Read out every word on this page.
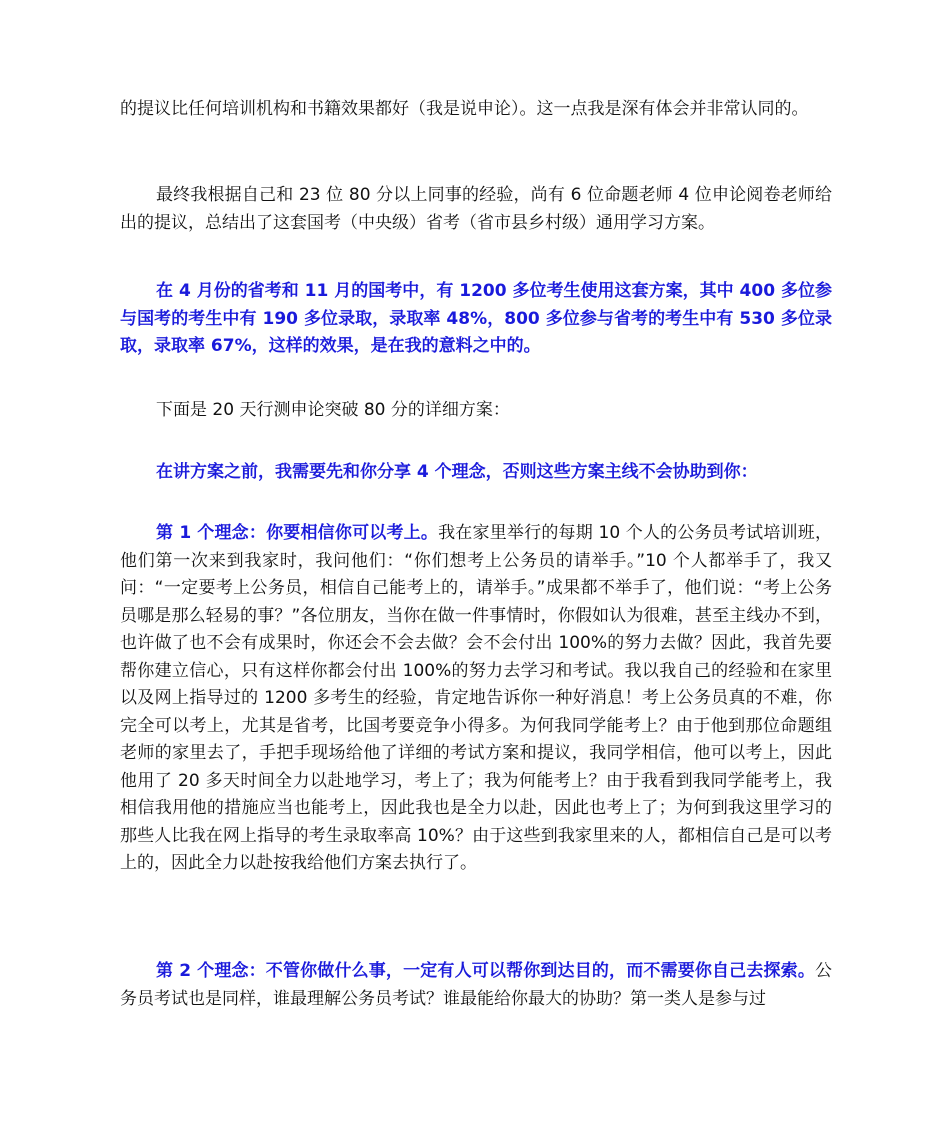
的提议比任何培训机构和书籍效果都好（我是说申论）。这一点我是深有体会并非常认同的。

最终我根据自己和 23 位 80 分以上同事的经验，尚有 6 位命题老师 4 位申论阅卷老师给出的提议，总结出了这套国考（中央级）省考（省市县乡村级）通用学习方案。

在 4 月份的省考和 11 月的国考中，有 1200 多位考生使用这套方案，其中 400 多位参与国考的考生中有 190 多位录取，录取率 48%，800 多位参与省考的考生中有 530 多位录取，录取率 67%，这样的效果，是在我的意料之中的。

下面是 20 天行测申论突破 80 分的详细方案：

在讲方案之前，我需要先和你分享 4 个理念，否则这些方案主线不会协助到你：

第 1 个理念：你要相信你可以考上。我在家里举行的每期 10 个人的公务员考试培训班，他们第一次来到我家时，我问他们：“你们想考上公务员的请举手。”10 个人都举手了，我又问：“一定要考上公务员，相信自己能考上的，请举手。”成果都不举手了，他们说：“考上公务员哪是那么轻易的事？”各位朋友，当你在做一件事情时，你假如认为很难，甚至主线办不到，也许做了也不会有成果时，你还会不会去做？会不会付出 100%的努力去做？因此，我首先要帮你建立信心，只有这样你都会付出 100%的努力去学习和考试。我以我自己的经验和在家里以及网上指导过的 1200 多考生的经验，肯定地告诉你一种好消息！考上公务员真的不难，你完全可以考上，尤其是省考，比国考要竞争小得多。为何我同学能考上？由于他到那位命题组老师的家里去了，手把手现场给他了详细的考试方案和提议，我同学相信，他可以考上，因此他用了 20 多天时间全力以赴地学习，考上了；我为何能考上？由于我看到我同学能考上，我相信我用他的措施应当也能考上，因此我也是全力以赴，因此也考上了；为何到我这里学习的那些人比我在网上指导的考生录取率高 10%？由于这些到我家里来的人，都相信自己是可以考上的，因此全力以赴按我给他们方案去执行了。

第 2 个理念：不管你做什么事，一定有人可以帮你到达目的，而不需要你自己去探索。公务员考试也是同样，谁最理解公务员考试？谁最能给你最大的协助？第一类人是参与过
